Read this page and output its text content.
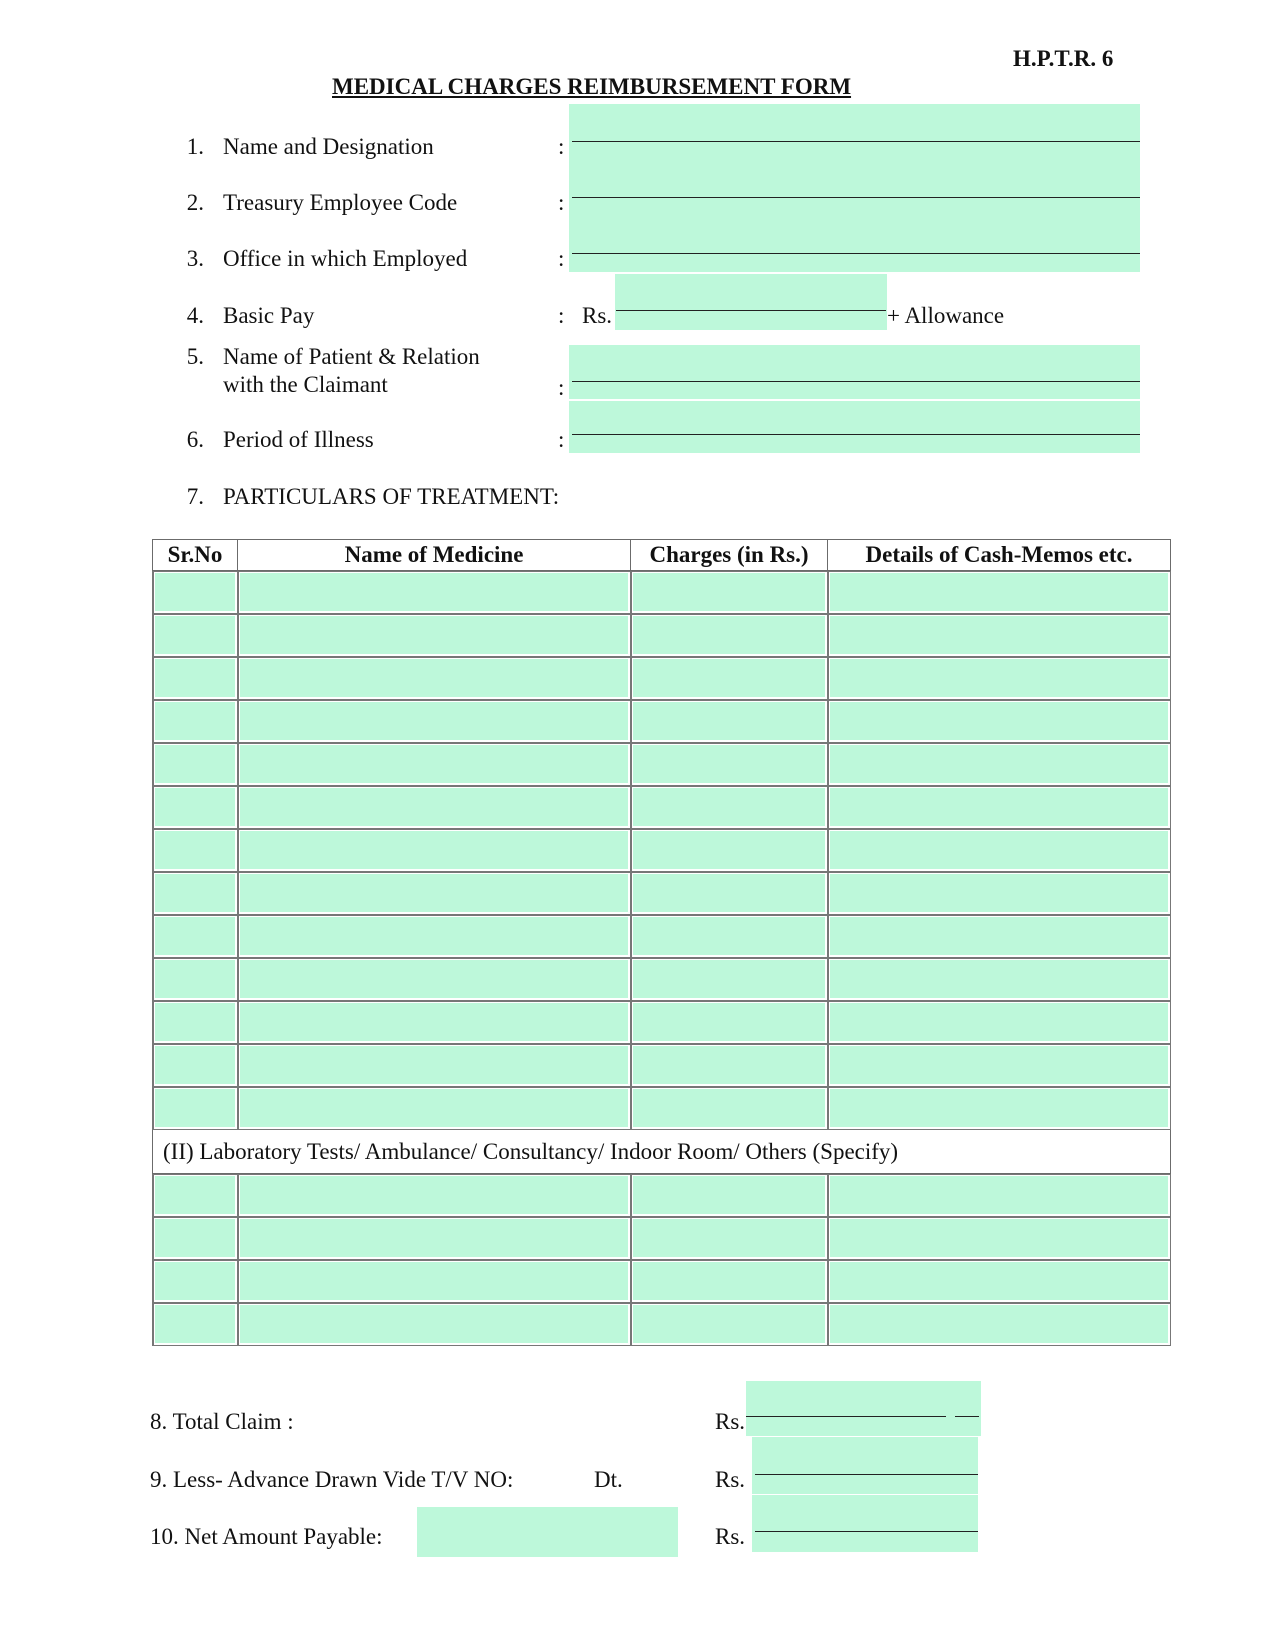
H.P.T.R. 6
MEDICAL CHARGES REIMBURSEMENT FORM
1. Name and Designation	:
2. Treasury Employee Code	:
3. Office in which Employed	:
4. Basic Pay	: Rs.	+ Allowance
5. Name of Patient & Relation
with the Claimant	:
6. Period of Illness	:
7. PARTICULARS OF TREATMENT:
Sr.No	Name of Medicine	Charges (in Rs.)	Details of Cash-Memos etc.

(II) Laboratory Tests/ Ambulance/ Consultancy/ Indoor Room/ Others (Specify)			

8. Total Claim :	Rs.
9. Less- Advance Drawn Vide T/V NO:	Dt.	Rs.
10. Net Amount Payable:	Rs.
